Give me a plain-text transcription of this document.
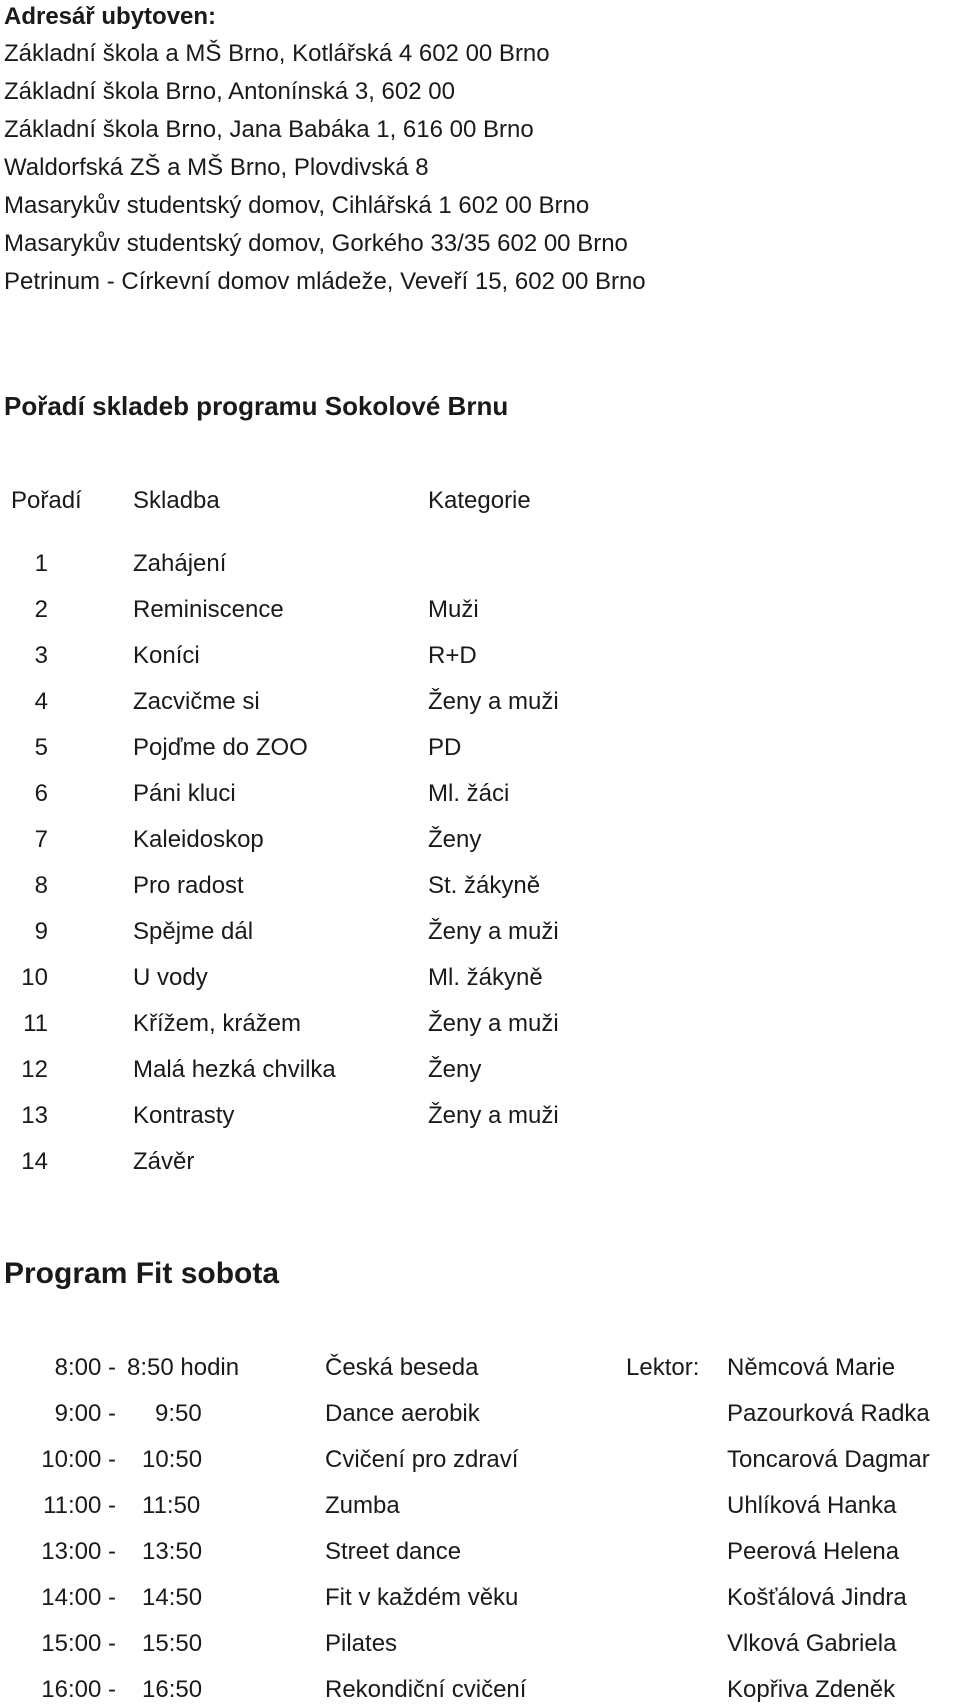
Adresář ubytoven:
Základní škola a MŠ Brno, Kotlářská 4 602 00 Brno
Základní škola Brno, Antonínská 3, 602 00
Základní škola Brno, Jana Babáka 1, 616 00 Brno
Waldorfská ZŠ a MŠ Brno, Plovdivská 8
Masarykův studentský domov, Cihlářská 1 602 00 Brno
Masarykův studentský domov, Gorkého 33/35 602 00 Brno
Petrinum - Církevní domov mládeže, Veveří 15, 602 00 Brno
Pořadí skladeb programu Sokolové Brnu
Pořadí Skladba	Kategorie
1	Zahájení
2	Reminiscence	Muži
3	Koníci	R+D
4	Zacvičme si	Ženy a muži
5	Pojďme do ZOO	PD
6	Páni kluci	Ml. žáci
7	Kaleidoskop	Ženy
8	Pro radost	St. žákyně
9	Spějme dál	Ženy a muži
10	U vody	Ml. žákyně
11	Křížem, krážem	Ženy a muži
12	Malá hezká chvilka	Ženy
13	Kontrasty	Ženy a muži
14	Závěr
Program Fit sobota
8:00 - 8:50 hodin	Česká beseda	Lektor: Němcová Marie
9:00 - 9:50	Dance aerobik	Pazourková Radka
10:00 - 10:50	Cvičení pro zdraví	Toncarová Dagmar
11:00 - 11:50	Zumba	Uhlíková Hanka
13:00 - 13:50	Street dance	Peerová Helena
14:00 - 14:50	Fit v každém věku	Košťálová Jindra
15:00 - 15:50	Pilates	Vlková Gabriela
16:00 - 16:50	Rekondiční cvičení	Kopřiva Zdeněk
